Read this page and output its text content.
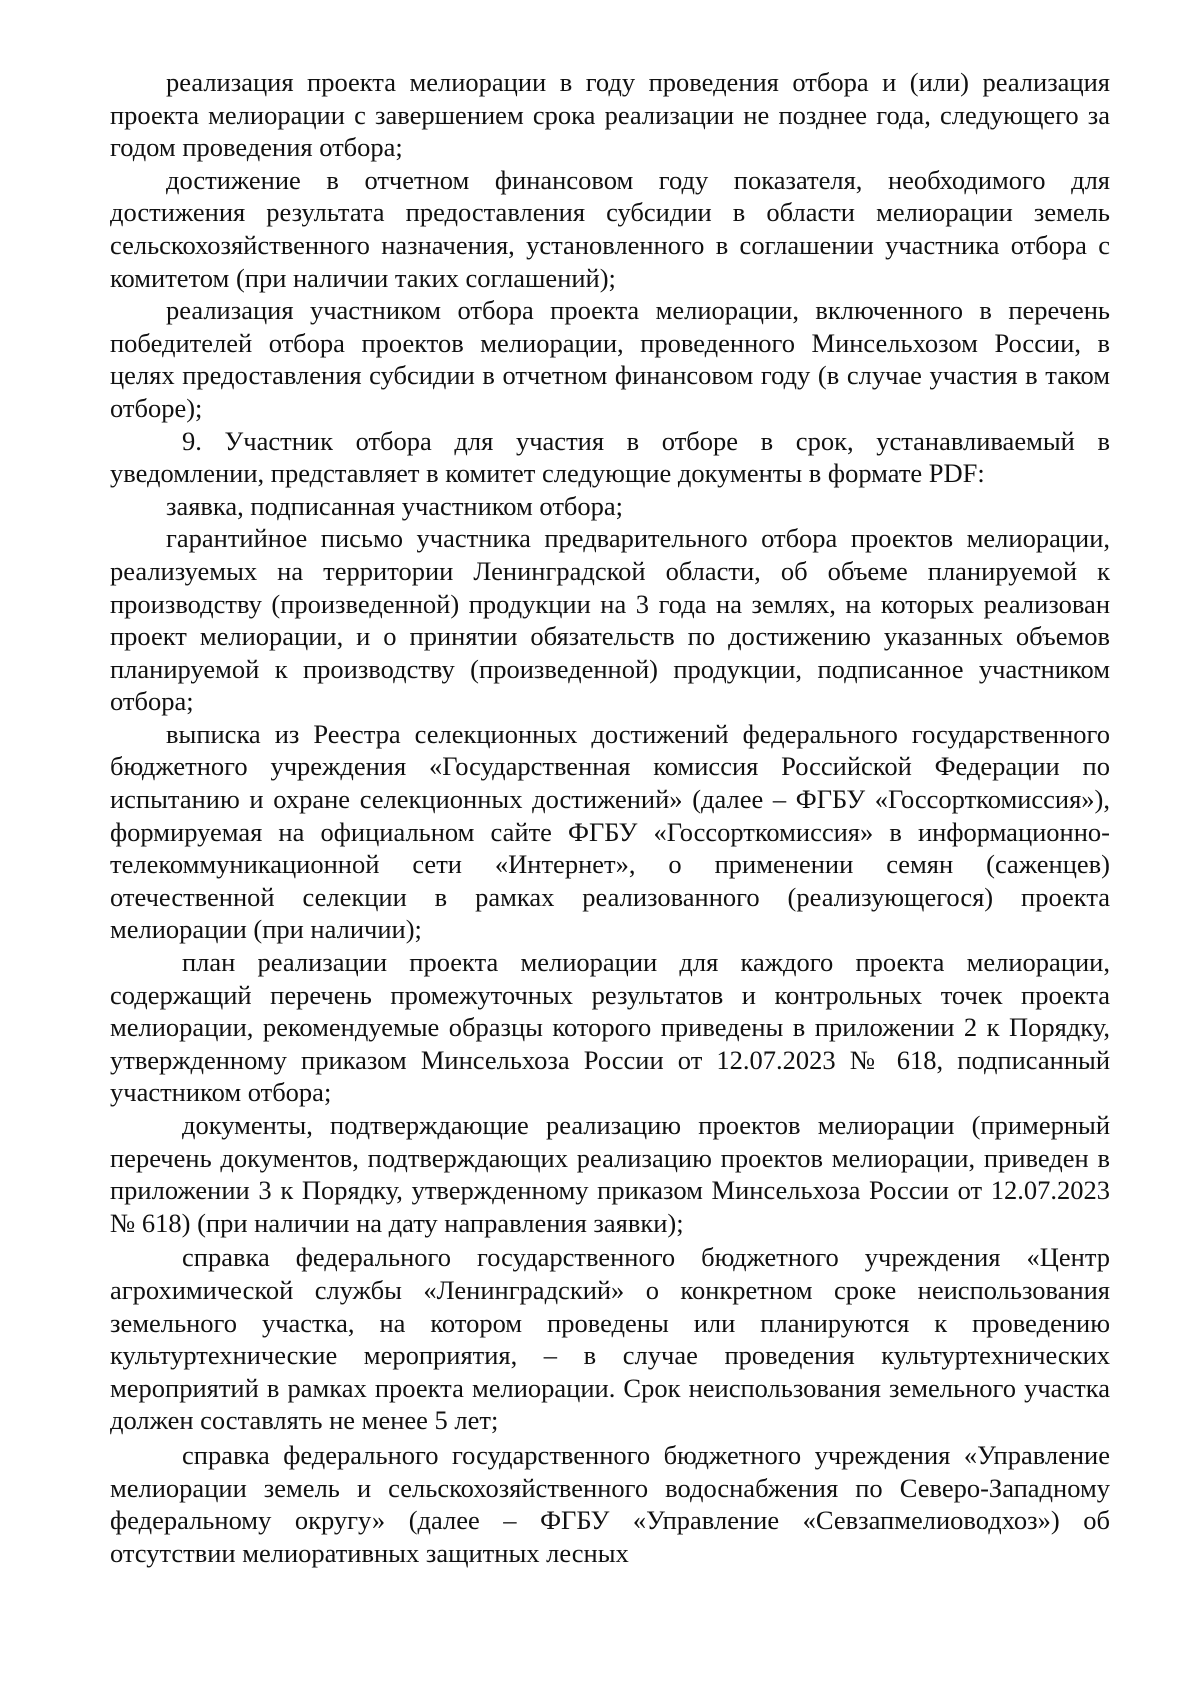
реализация проекта мелиорации в году проведения отбора и (или) реализация проекта мелиорации с завершением срока реализации не позднее года, следующего за годом проведения отбора;

достижение в отчетном финансовом году показателя, необходимого для достижения результата предоставления субсидии в области мелиорации земель сельскохозяйственного назначения, установленного в соглашении участника отбора с комитетом (при наличии таких соглашений);

реализация участником отбора проекта мелиорации, включенного в перечень победителей отбора проектов мелиорации, проведенного Минсельхозом России, в целях предоставления субсидии в отчетном финансовом году (в случае участия в таком отборе);

9. Участник отбора для участия в отборе в срок, устанавливаемый в уведомлении, представляет в комитет следующие документы в формате PDF:

заявка, подписанная участником отбора;

гарантийное письмо участника предварительного отбора проектов мелиорации, реализуемых на территории Ленинградской области, об объеме планируемой к производству (произведенной) продукции на 3 года на землях, на которых реализован проект мелиорации, и о принятии обязательств по достижению указанных объемов планируемой к производству (произведенной) продукции, подписанное участником отбора;

выписка из Реестра селекционных достижений федерального государственного бюджетного учреждения «Государственная комиссия Российской Федерации по испытанию и охране селекционных достижений» (далее – ФГБУ «Госсорткомиссия»), формируемая на официальном сайте ФГБУ «Госсорткомиссия» в информационно-телекоммуникационной сети «Интернет», о применении семян (саженцев) отечественной селекции в рамках реализованного (реализующегося) проекта мелиорации (при наличии);

план реализации проекта мелиорации для каждого проекта мелиорации, содержащий перечень промежуточных результатов и контрольных точек проекта мелиорации, рекомендуемые образцы которого приведены в приложении 2 к Порядку, утвержденному приказом Минсельхоза России от 12.07.2023 № 618, подписанный участником отбора;

документы, подтверждающие реализацию проектов мелиорации (примерный перечень документов, подтверждающих реализацию проектов мелиорации, приведен в приложении 3 к Порядку, утвержденному приказом Минсельхоза России от 12.07.2023 № 618) (при наличии на дату направления заявки);

справка федерального государственного бюджетного учреждения «Центр агрохимической службы «Ленинградский» о конкретном сроке неиспользования земельного участка, на котором проведены или планируются к проведению культуртехнические мероприятия, – в случае проведения культуртехнических мероприятий в рамках проекта мелиорации. Срок неиспользования земельного участка должен составлять не менее 5 лет;

справка федерального государственного бюджетного учреждения «Управление мелиорации земель и сельскохозяйственного водоснабжения по Северо-Западному федеральному округу» (далее – ФГБУ «Управление «Севзапмелиоводхоз») об отсутствии мелиоративных защитных лесных
